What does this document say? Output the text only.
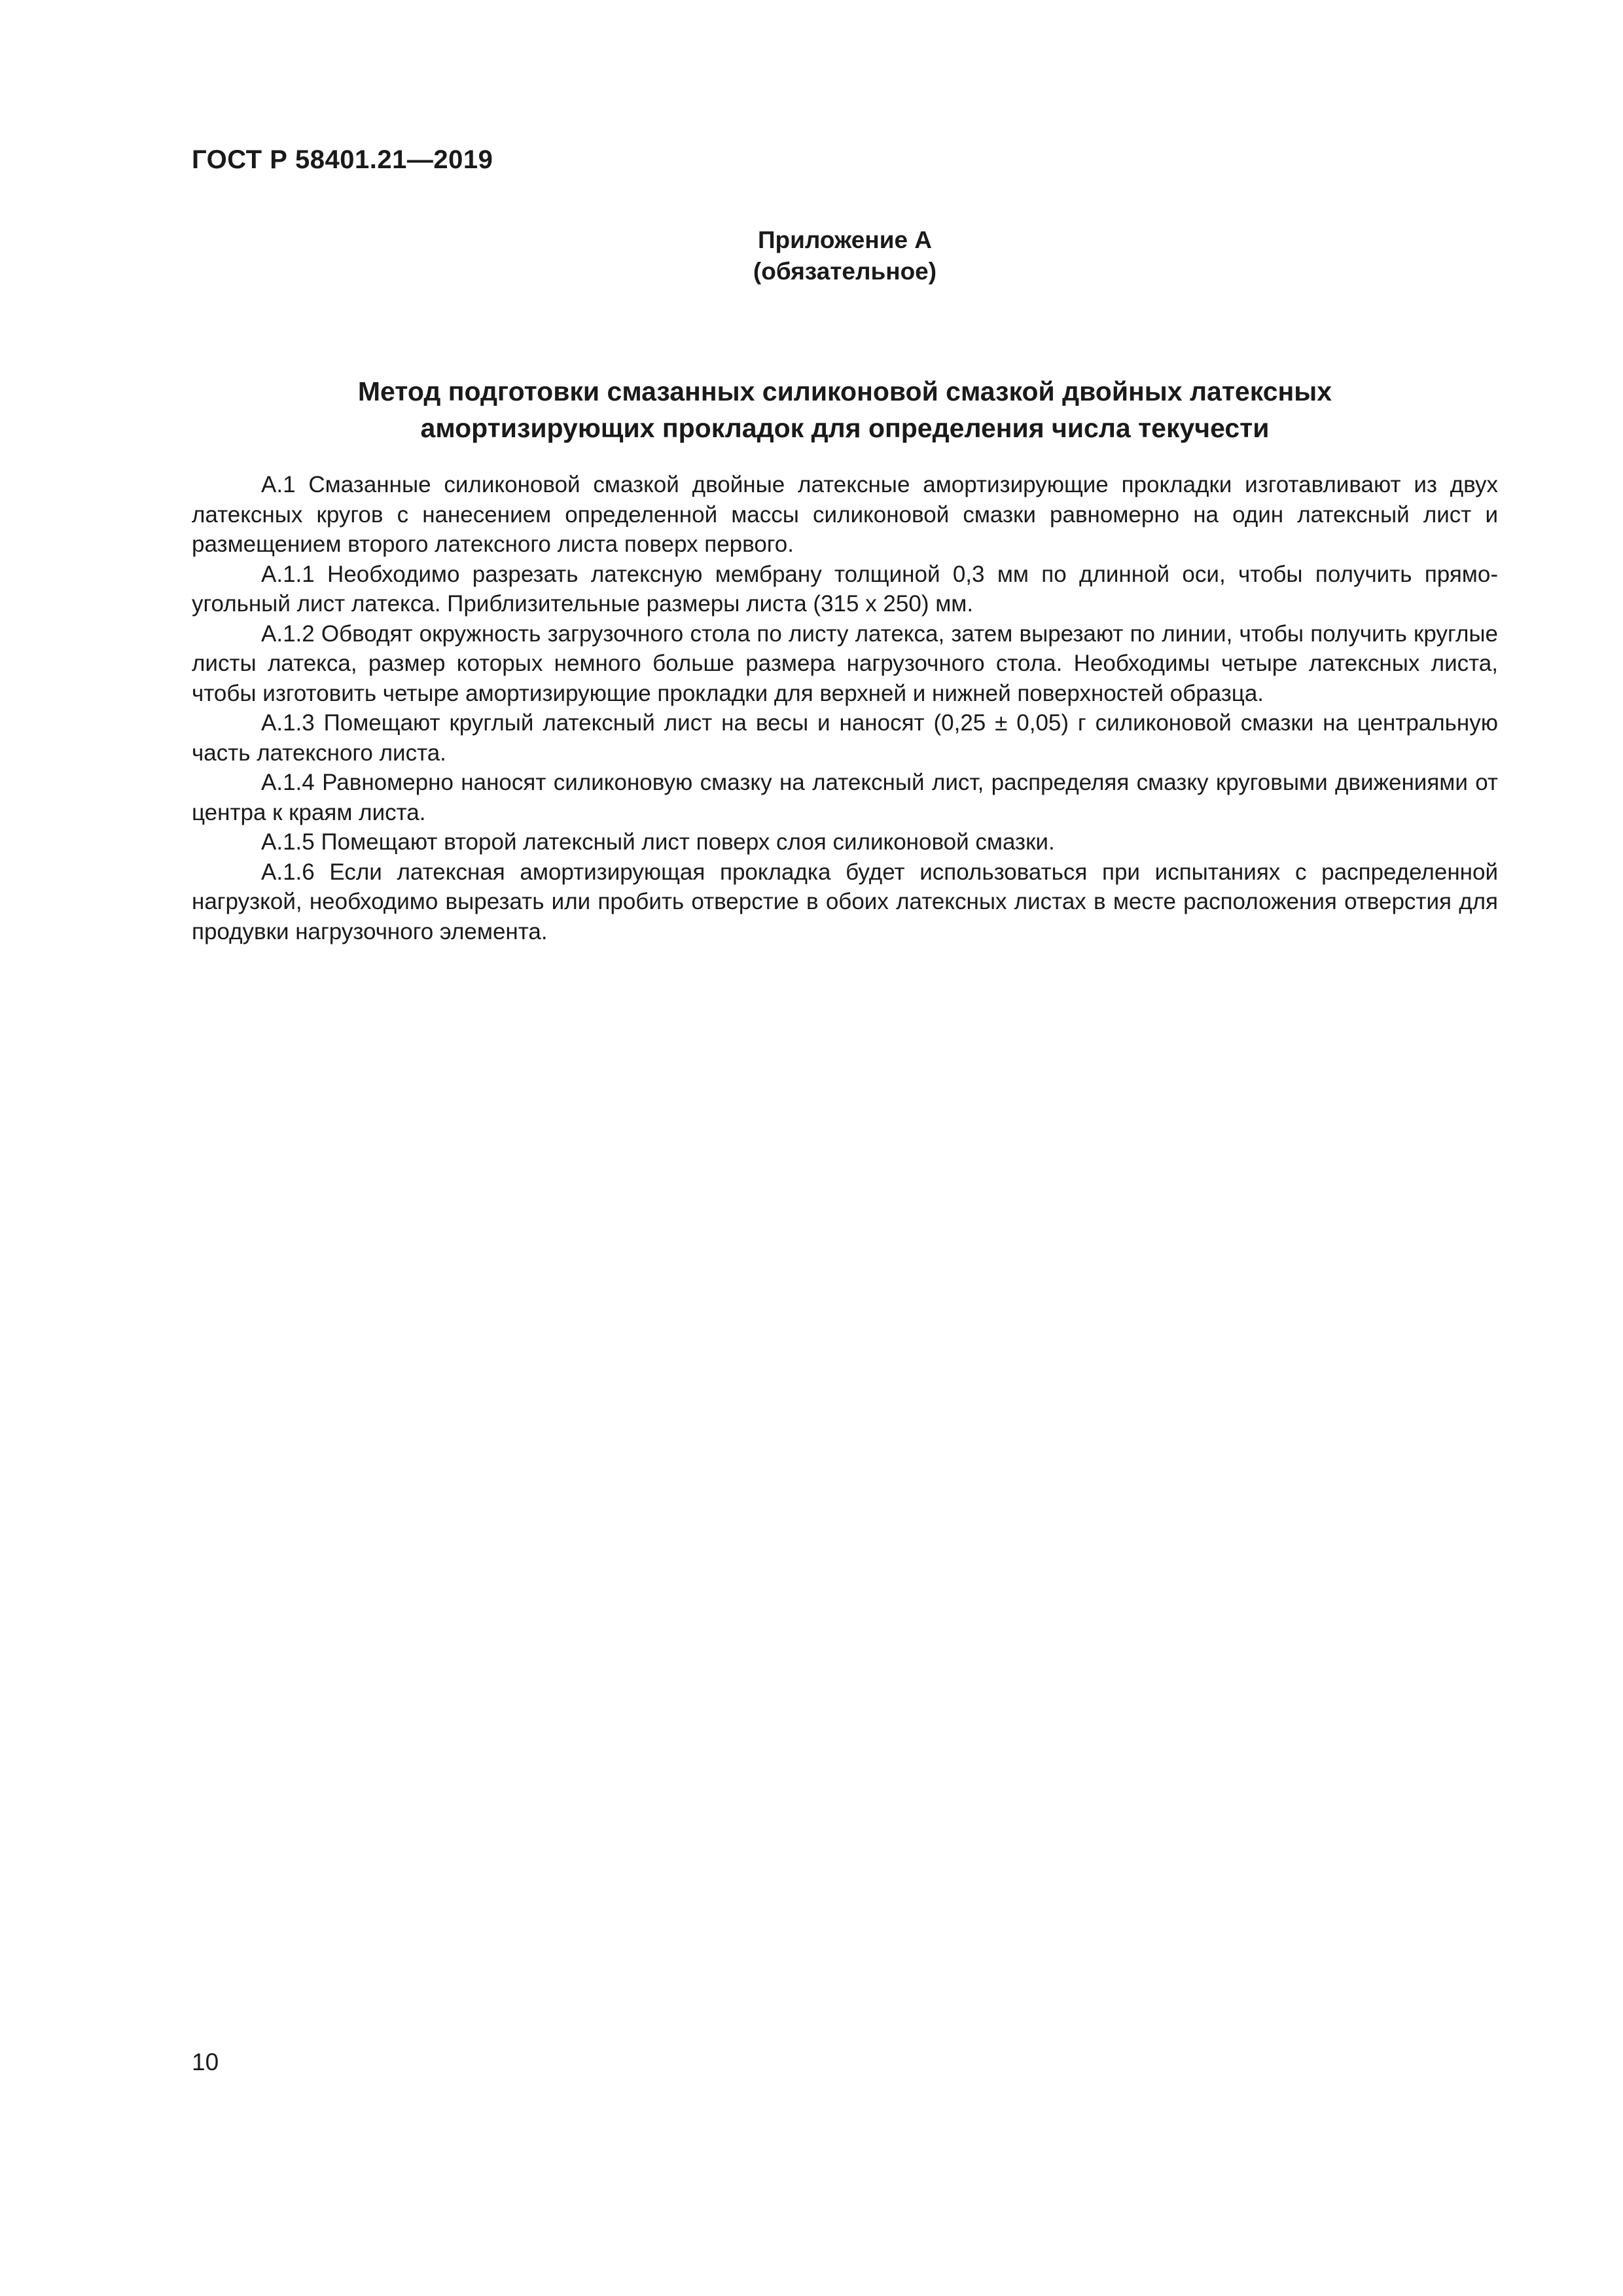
ГОСТ Р 58401.21—2019
Приложение А
(обязательное)
Метод подготовки смазанных силиконовой смазкой двойных латексных
амортизирующих прокладок для определения числа текучести

А.1 Смазанные силиконовой смазкой двойные латексные амортизирующие прокладки изготавливают из двух латексных кругов с нанесением определенной массы силиконовой смазки равномерно на один латексный лист и размещением второго латексного листа поверх первого.

А.1.1 Необходимо разрезать латексную мембрану толщиной 0,3 мм по длинной оси, чтобы получить прямоугольный лист латекса. Приблизительные размеры листа (315 x 250) мм.

А.1.2 Обводят окружность загрузочного стола по листу латекса, затем вырезают по линии, чтобы получить круглые листы латекса, размер которых немного больше размера нагрузочного стола. Необходимы четыре латексных листа, чтобы изготовить четыре амортизирующие прокладки для верхней и нижней поверхностей образца.

А.1.3 Помещают круглый латексный лист на весы и наносят (0,25 ± 0,05) г силиконовой смазки на центральную часть латексного листа.

А.1.4 Равномерно наносят силиконовую смазку на латексный лист, распределяя смазку круговыми движениями от центра к краям листа.

А.1.5 Помещают второй латексный лист поверх слоя силиконовой смазки.

А.1.6 Если латексная амортизирующая прокладка будет использоваться при испытаниях с распределенной нагрузкой, необходимо вырезать или пробить отверстие в обоих латексных листах в месте расположения отверстия для продувки нагрузочного элемента.

10
